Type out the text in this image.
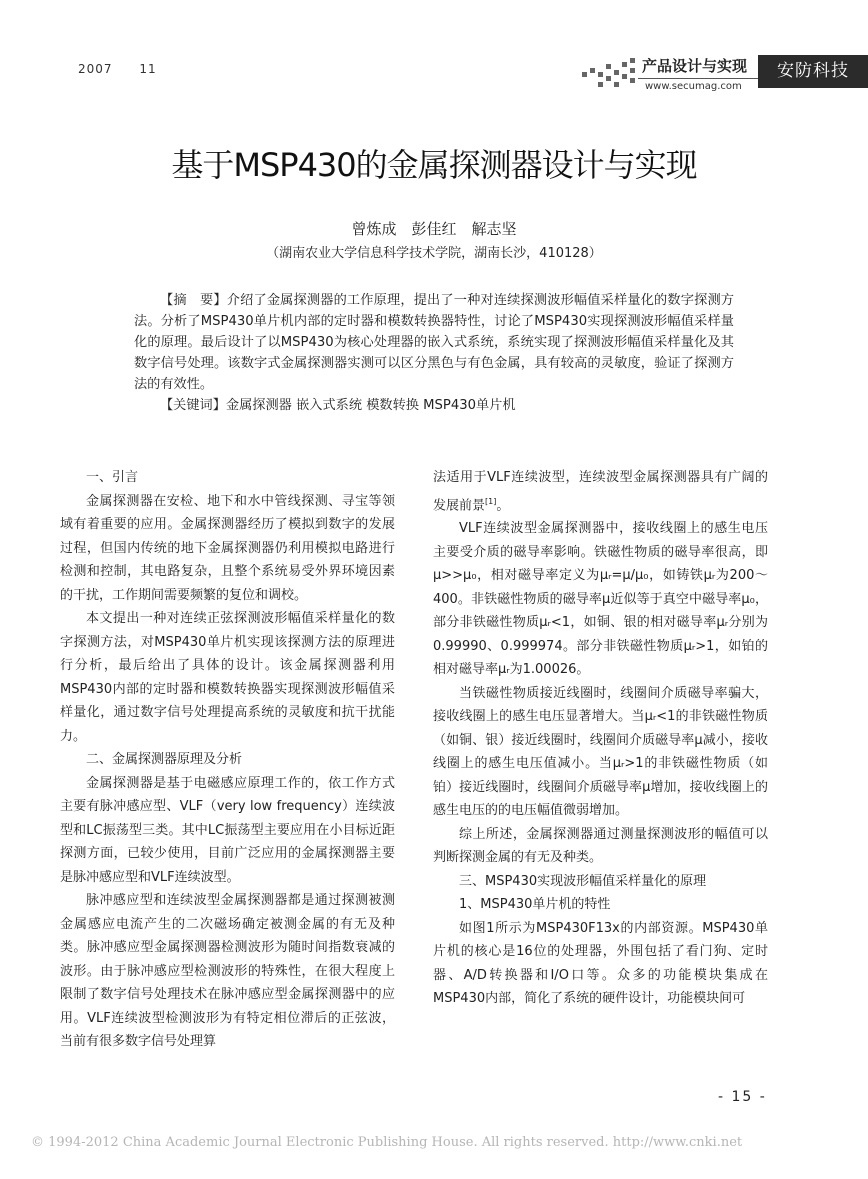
2007 11	产品设计与实现
www.secumag.com
安防科技
基于MSP430的金属探测器设计与实现
曾炼成　彭佳红　解志坚
（湖南农业大学信息科学技术学院，湖南长沙，410128）

【摘　要】介绍了金属探测器的工作原理，提出了一种对连续探测波形幅值采样量化的数字探测方法。分析了MSP430单片机内部的定时器和模数转换器特性，讨论了MSP430实现探测波形幅值采样量化的原理。最后设计了以MSP430为核心处理器的嵌入式系统，系统实现了探测波形幅值采样量化及其数字信号处理。该数字式金属探测器实测可以区分黑色与有色金属，具有较高的灵敏度，验证了探测方法的有效性。

【关键词】金属探测器 嵌入式系统 模数转换 MSP430单片机

一、引言

金属探测器在安检、地下和水中管线探测、寻宝等领域有着重要的应用。金属探测器经历了模拟到数字的发展过程，但国内传统的地下金属探测器仍利用模拟电路进行检测和控制，其电路复杂，且整个系统易受外界环境因素的干扰，工作期间需要频繁的复位和调校。

本文提出一种对连续正弦探测波形幅值采样量化的数字探测方法，对MSP430单片机实现该探测方法的原理进行分析，最后给出了具体的设计。该金属探测器利用MSP430内部的定时器和模数转换器实现探测波形幅值采样量化，通过数字信号处理提高系统的灵敏度和抗干扰能力。

二、金属探测器原理及分析

金属探测器是基于电磁感应原理工作的，依工作方式主要有脉冲感应型、VLF（very low frequency）连续波型和LC振荡型三类。其中LC振荡型主要应用在小目标近距探测方面，已较少使用，目前广泛应用的金属探测器主要是脉冲感应型和VLF连续波型。

脉冲感应型和连续波型金属探测器都是通过探测被测金属感应电流产生的二次磁场确定被测金属的有无及种类。脉冲感应型金属探测器检测波形为随时间指数衰减的波形。由于脉冲感应型检测波形的特殊性，在很大程度上限制了数字信号处理技术在脉冲感应型金属探测器中的应用。VLF连续波型检测波形为有特定相位滞后的正弦波，当前有很多数字信号处理算

法适用于VLF连续波型，连续波型金属探测器具有广阔的发展前景[1]。

VLF连续波型金属探测器中，接收线圈上的感生电压主要受介质的磁导率影响。铁磁性物质的磁导率很高，即μ>>μ₀，相对磁导率定义为μᵣ=μ/μ₀，如铸铁μᵣ为200～400。非铁磁性物质的磁导率μ近似等于真空中磁导率μ₀，部分非铁磁性物质μᵣ<1，如铜、银的相对磁导率μᵣ分别为0.99990、0.999974。部分非铁磁性物质μᵣ>1，如铂的相对磁导率μᵣ为1.00026。

当铁磁性物质接近线圈时，线圈间介质磁导率骗大，接收线圈上的感生电压显著增大。当μᵣ<1的非铁磁性物质（如铜、银）接近线圈时，线圈间介质磁导率μ减小，接收线圈上的感生电压值减小。当μᵣ>1的非铁磁性物质（如铂）接近线圈时，线圈间介质磁导率μ增加，接收线圈上的感生电压的的电压幅值微弱增加。

综上所述，金属探测器通过测量探测波形的幅值可以判断探测金属的有无及种类。

三、MSP430实现波形幅值采样量化的原理

1、MSP430单片机的特性

如图1所示为MSP430F13x的内部资源。MSP430单片机的核心是16位的处理器，外围包括了看门狗、定时器、A/D转换器和I/O口等。众多的功能模块集成在MSP430内部，简化了系统的硬件设计，功能模块间可

- 15 -
© 1994-2012 China Academic Journal Electronic Publishing House. All rights reserved. http://www.cnki.net
